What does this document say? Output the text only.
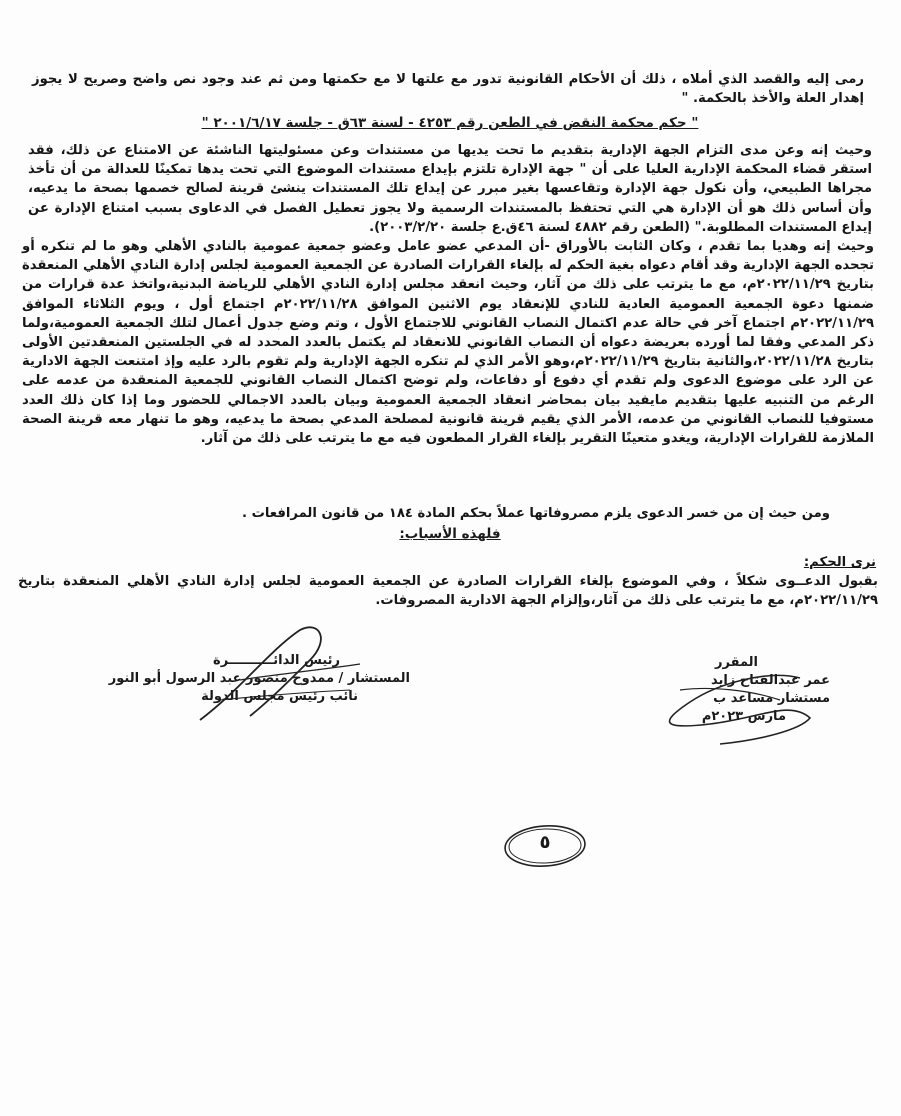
رمى إليه والقصد الذي أملاه ، ذلك أن الأحكام القانونية تدور مع علتها لا مع حكمتها ومن ثم عند وجود نص واضح وصريح لا يجوز إهدار العلة والأخذ بالحكمة. "
" حكم محكمة النقض في الطعن رقم ٤٢٥٣ - لسنة ٦٣ق - جلسة ٢٠٠١/٦/١٧ "
وحيث إنه وعن مدى التزام الجهة الإدارية بتقديم ما تحت يديها من مستندات وعن مسئوليتها الناشئة عن الامتناع عن ذلك، فقد استقر قضاء المحكمة الإدارية العليا على أن " جهة الإدارة تلتزم بإيداع مستندات الموضوع التي تحت يدها تمكينًا للعدالة من أن تأخذ مجراها الطبيعي، وأن نكول جهة الإدارة وتقاعسها بغير مبرر عن إيداع تلك المستندات ينشئ قرينة لصالح خصمها بصحة ما يدعيه، وأن أساس ذلك هو أن الإدارة هي التي تحتفظ بالمستندات الرسمية ولا يجوز تعطيل الفصل في الدعاوى بسبب امتناع الإدارة عن إيداع المستندات المطلوبة." (الطعن رقم ٤٨٨٢ لسنة ٤٦ق.ع جلسة ٢٠٠٣/٢/٢٠).
وحيث إنه وهديا بما تقدم ، وكان الثابت بالأوراق -أن المدعي عضو عامل وعضو جمعية عمومية بالنادي الأهلي وهو ما لم تنكره أو تجحده الجهة الإدارية وقد أقام دعواه بغية الحكم له بإلغاء القرارات الصادرة عن الجمعية العمومية لجلس إدارة النادي الأهلي المنعقدة بتاريخ ٢٠٢٢/١١/٢٩م، مع ما يترتب على ذلك من آثار، وحيث انعقد مجلس إدارة النادي الأهلي للرياضة البدنية،واتخذ عدة قرارات من ضمنها دعوة الجمعية العمومية العادية للنادي للإنعقاد يوم الاثنين الموافق ٢٠٢٢/١١/٢٨م اجتماع أول ، ويوم الثلاثاء الموافق ٢٠٢٢/١١/٢٩م اجتماع آخر في حالة عدم اكتمال النصاب القانوني للاجتماع الأول ، وتم وضع جدول أعمال لتلك الجمعية العمومية،ولما ذكر المدعي وفقا لما أورده بعريضة دعواه أن النصاب القانوني للانعقاد لم يكتمل بالعدد المحدد له في الجلستين المنعقدتين الأولى بتاريخ ٢٠٢٢/١١/٢٨،والثانية بتاريخ ٢٠٢٢/١١/٢٩م،وهو الأمر الذي لم تنكره الجهة الإدارية ولم تقوم بالرد عليه وإذ امتنعت الجهة الادارية عن الرد على موضوع الدعوى ولم تقدم أي دفوع أو دفاعات، ولم توضح اكتمال النصاب القانوني للجمعية المنعقدة من عدمه على الرغم من التنبيه عليها بتقديم مايفيد بيان بمحاضر انعقاد الجمعية العمومية وبيان بالعدد الاجمالي للحضور وما إذا كان ذلك العدد مستوفيا للنصاب القانوني من عدمه، الأمر الذي يقيم قرينة قانونية لمصلحة المدعي بصحة ما يدعيه، وهو ما تنهار معه قرينة الصحة الملازمة للقرارات الإدارية، ويغدو متعينًا التقرير بإلغاء القرار المطعون فيه مع ما يترتب على ذلك من آثار.
ومن حيث إن من خسر الدعوى يلزم مصروفاتها عملاً بحكم المادة ١٨٤ من قانون المرافعات .
فلهذه الأسباب:
نرى الحكم:
بقبول الدعــوى شكلاً ، وفي الموضوع بإلغاء القرارات الصادرة عن الجمعية العمومية لجلس إدارة النادي الأهلي المنعقدة بتاريخ ٢٠٢٢/١١/٢٩م، مع ما يترتب على ذلك من آثار،وإلزام الجهة الادارية المصروفات.
المقرر
عمر عبدالفتاح زايد
مستشار مساعد ب
مارس ٢٠٢٣م
رئيس الدائــــــــــرة
المستشار / ممدوح منصور عبد الرسول أبو النور
نائب رئيس مجلس الدولة
٥
